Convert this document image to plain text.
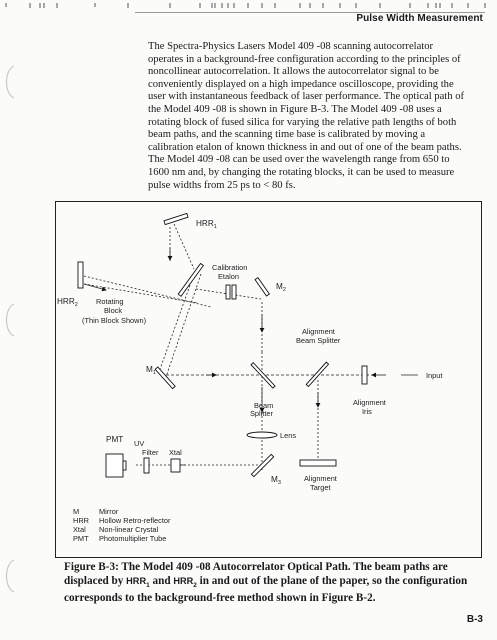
Pulse Width Measurement

The Spectra-Physics Lasers Model 409 -08 scanning autocorrelator operates in a background-free configuration according to the principles of noncollinear autocorrelation. It allows the autocorrelator signal to be conveniently displayed on a high impedance oscilloscope, providing the user with instantaneous feedback of laser performance. The optical path of the Model 409 -08 is shown in Figure B-3. The Model 409 -08 uses a rotating block of fused silica for varying the relative path lengths of both beam paths, and the scanning time base is calibrated by moving a calibration etalon of known thickness in and out of one of the beam paths. The Model 409 -08 can be used over the wavelength range from 650 to 1600 nm and, by changing the rotating blocks, it can be used to measure pulse widths from 25 ps to < 80 fs.

$HRR_1$
$HRR_2$ Rotating
Block
(Thin Block Shown)
Calibration
Etalon
$M_2$
$M_1$
Beam
Splitter
Alignment
Beam Splitter
Alignment
Iris
Input
Lens
$M_3$	Alignment
Target
PMT UV
Filter Xtal
M	Mirror
HRR Hollow Retro-reflector
Xtal Non-linear Crystal
PMT Photomultiplier Tube

Figure B-3: The Model 409 -08 Autocorrelator Optical Path. The beam paths are displaced by $HRR_1$ and $HRR_2$ in and out of the plane of the paper, so the configuration corresponds to the background-free method shown in Figure B-2.

B-3
